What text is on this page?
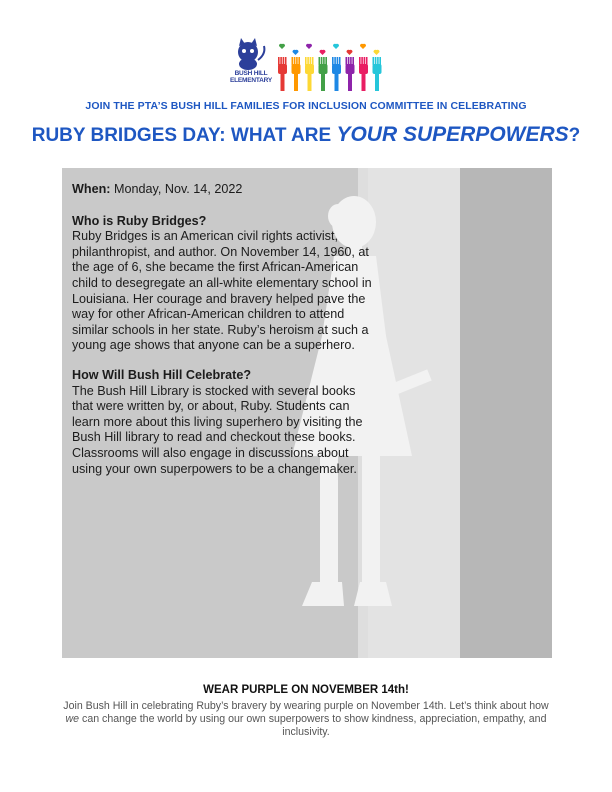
BUSH HILL
ELEMENTARY
JOIN THE PTA’S BUSH HILL FAMILIES FOR INCLUSION COMMITTEE IN CELEBRATING
RUBY BRIDGES DAY: WHAT ARE YOUR SUPERPOWERS?

When: Monday, Nov. 14, 2022

Who is Ruby Bridges?

Ruby Bridges is an American civil rights activist, philanthropist, and author. On November 14, 1960, at the age of 6, she became the first African-American child to desegregate an all-white elementary school in Louisiana. Her courage and bravery helped pave the way for other African-American children to attend similar schools in her state. Ruby’s heroism at such a young age shows that anyone can be a superhero.

How Will Bush Hill Celebrate?

The Bush Hill Library is stocked with several books that were written by, or about, Ruby. Students can learn more about this living superhero by visiting the Bush Hill library to read and checkout these books. Classrooms will also engage in discussions about using your own superpowers to be a changemaker.

WEAR PURPLE ON NOVEMBER 14th!
Join Bush Hill in celebrating Ruby’s bravery by wearing purple on November 14th. Let’s think about how we can change the world by using our own superpowers to show kindness, appreciation, empathy, and inclusivity.
